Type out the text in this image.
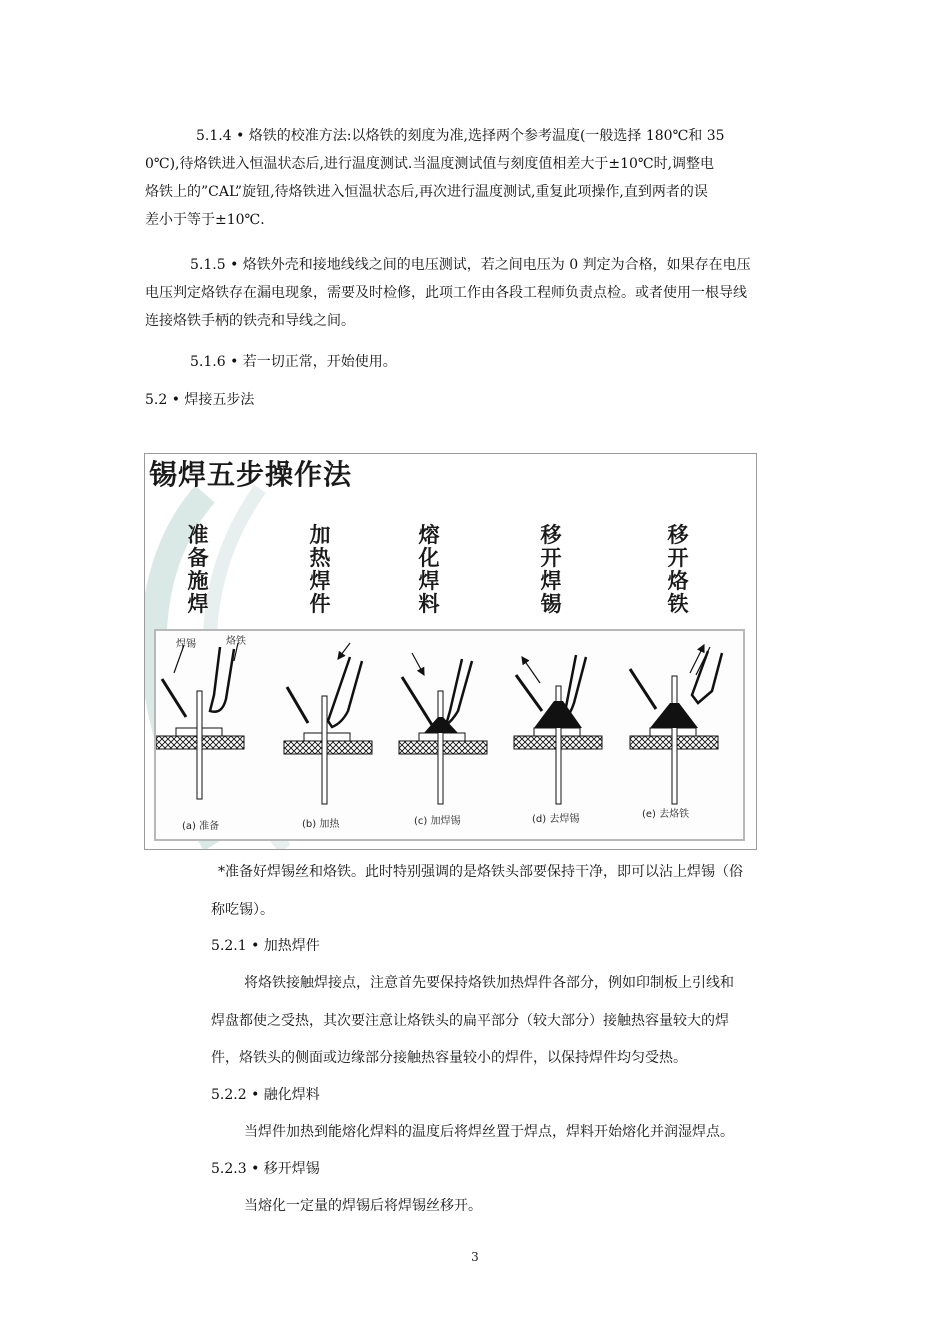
5.1.4 • 烙铁的校准方法:以烙铁的刻度为准,选择两个参考温度(一般选择 180℃和 35
0℃),待烙铁进入恒温状态后,进行温度测试.当温度测试值与刻度值相差大于±10℃时,调整电
烙铁上的”CAL”旋钮,待烙铁进入恒温状态后,再次进行温度测试,重复此项操作,直到两者的误
差小于等于±10℃.
5.1.5 • 烙铁外壳和接地线线之间的电压测试，若之间电压为 0 判定为合格，如果存在电压
电压判定烙铁存在漏电现象，需要及时检修，此项工作由各段工程师负责点检。或者使用一根导线
连接烙铁手柄的铁壳和导线之间。
5.1.6 • 若一切正常，开始使用。
5.2 • 焊接五步法
锡焊五步操作法
准
备
施
焊
加
热
焊
件
熔
化
焊
料
移
开
焊
锡
移
开
烙
铁
焊锡	烙铁
(a) 准备	(b) 加热	(c) 加焊锡	(d) 去焊锡	(e) 去烙铁
*准备好焊锡丝和烙铁。此时特别强调的是烙铁头部要保持干净，即可以沾上焊锡（俗
称吃锡）。
5.2.1 • 加热焊件
将烙铁接触焊接点，注意首先要保持烙铁加热焊件各部分，例如印制板上引线和
焊盘都使之受热，其次要注意让烙铁头的扁平部分（较大部分）接触热容量较大的焊
件，烙铁头的侧面或边缘部分接触热容量较小的焊件，以保持焊件均匀受热。
5.2.2 • 融化焊料
当焊件加热到能熔化焊料的温度后将焊丝置于焊点，焊料开始熔化并润湿焊点。
5.2.3 • 移开焊锡
当熔化一定量的焊锡后将焊锡丝移开。
3
